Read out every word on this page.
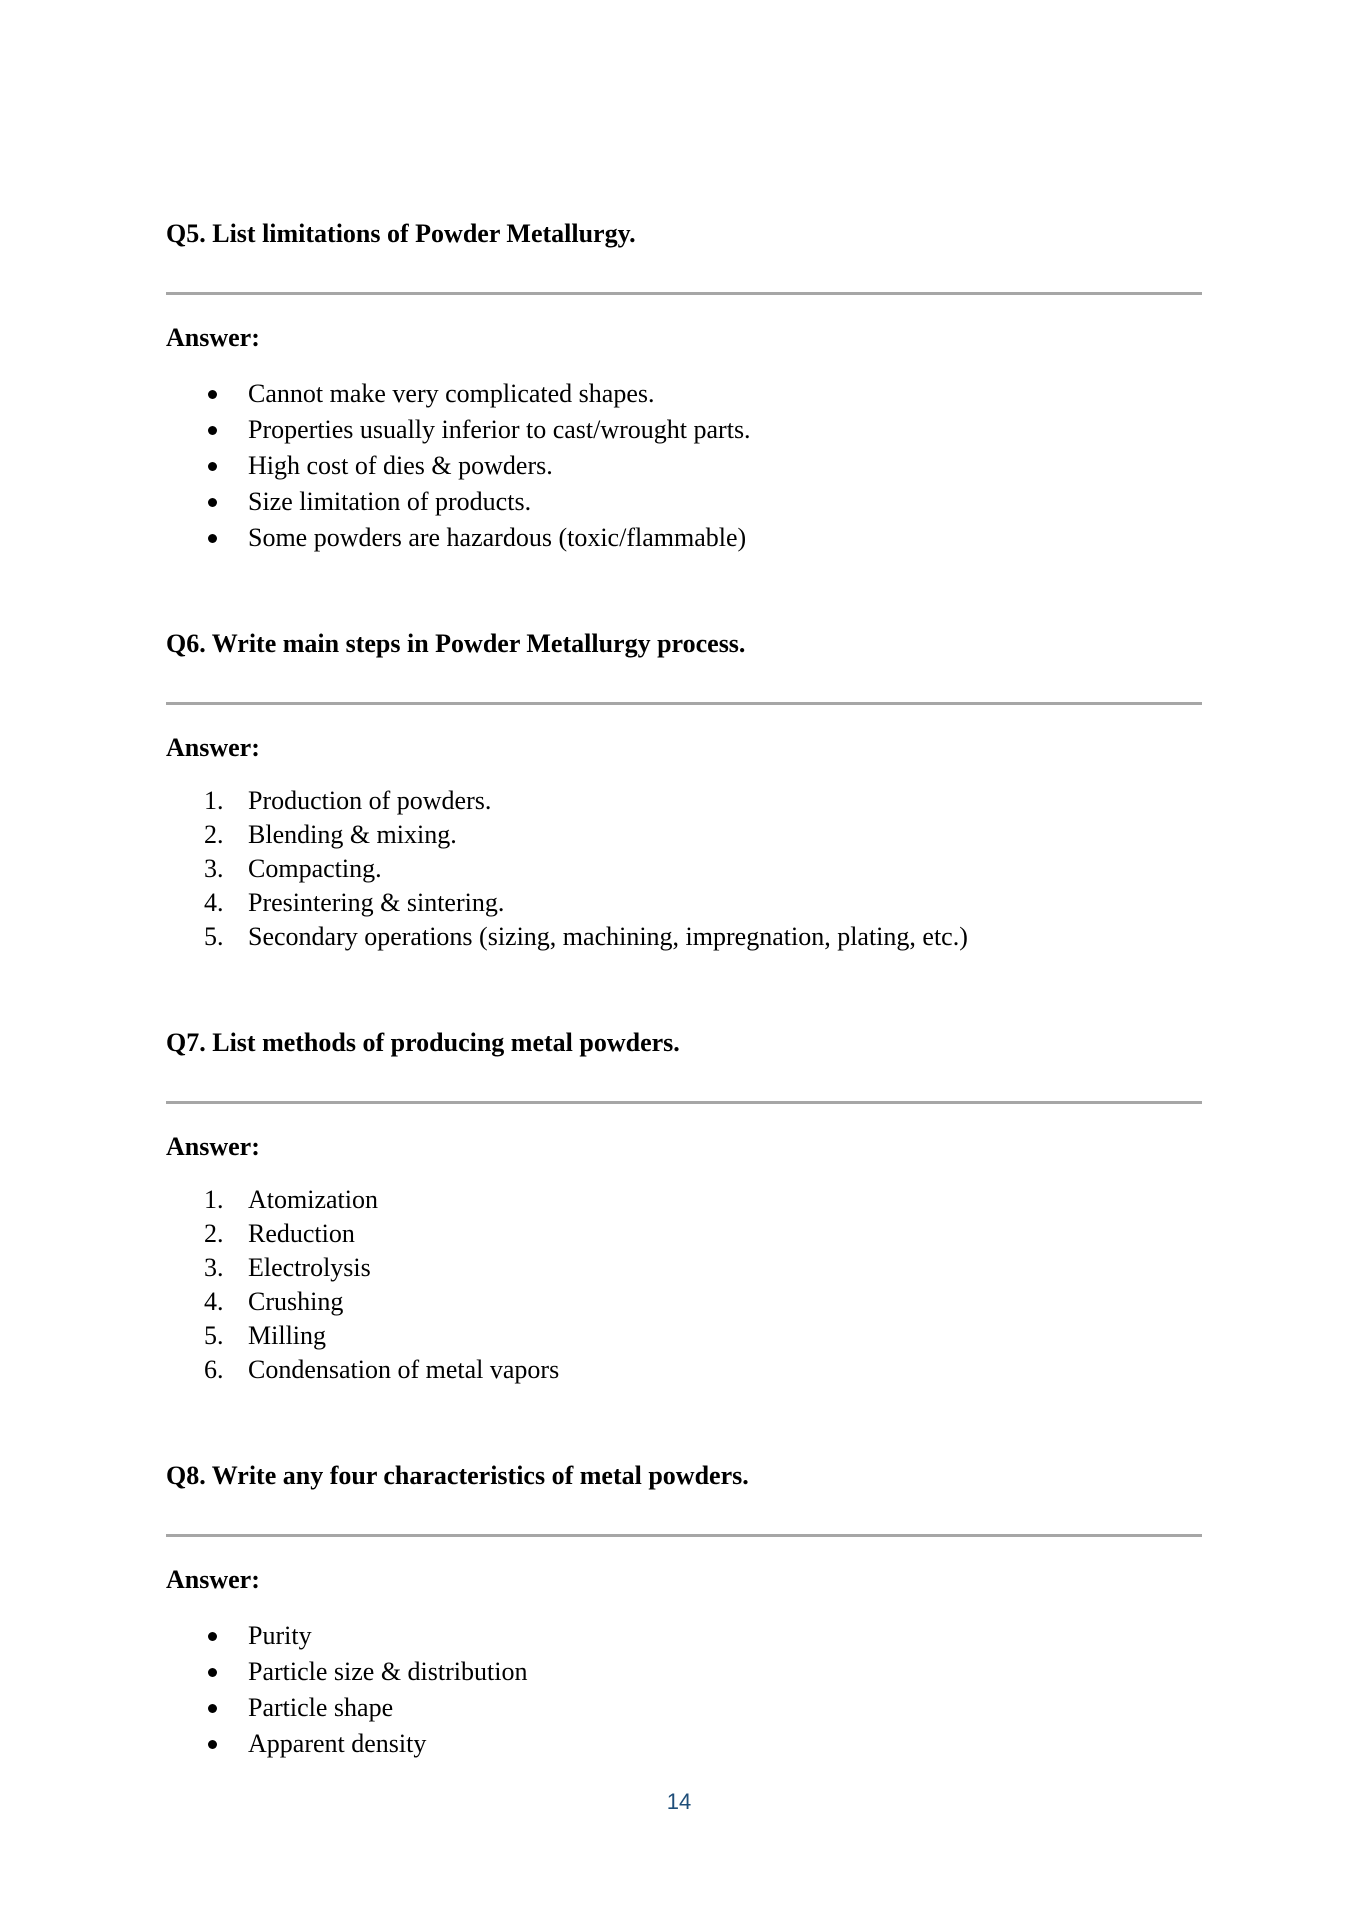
Q5. List limitations of Powder Metallurgy.

Answer:

Cannot make very complicated shapes.
Properties usually inferior to cast/wrought parts.
High cost of dies & powders.
Size limitation of products.
Some powders are hazardous (toxic/flammable)

Q6. Write main steps in Powder Metallurgy process.

Answer:

1. Production of powders.
2. Blending & mixing.
3. Compacting.
4. Presintering & sintering.
5. Secondary operations (sizing, machining, impregnation, plating, etc.)

Q7. List methods of producing metal powders.

Answer:

1. Atomization
2. Reduction
3. Electrolysis
4. Crushing
5. Milling
6. Condensation of metal vapors

Q8. Write any four characteristics of metal powders.

Answer:

Purity
Particle size & distribution
Particle shape
Apparent density
14
